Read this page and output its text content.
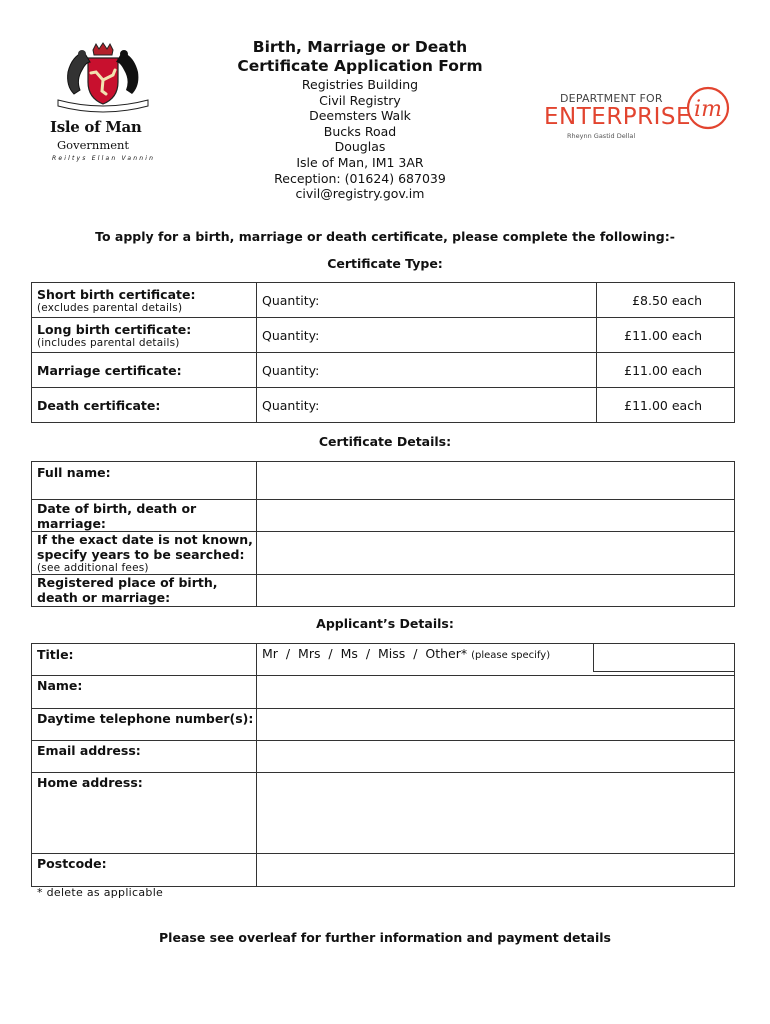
Isle of Man
Government
Reiltys Ellan Vannin
Birth, Marriage or Death
Certificate Application Form
Registries Building
Civil Registry
Deemsters Walk
Bucks Road
Douglas
Isle of Man, IM1 3AR
Reception: (01624) 687039
civil@registry.gov.im
DEPARTMENT FOR
ENTERPRISE
Rheynn Gastid Dellal
im
To apply for a birth, marriage or death certificate, please complete the following:-
Certificate Type:
Short birth certificate:
(excludes parental details)	Quantity:	£8.50 each

Long birth certificate:
(includes parental details)	Quantity:	£11.00 each

Marriage certificate:	Quantity:	£11.00 each

Death certificate:	Quantity:	£11.00 each
Certificate Details:
Full name:	

Date of birth, death or marriage:	

If the exact date is not known, specify years to be searched:
(see additional fees)	

Registered place of birth, death or marriage:	

Applicant’s Details:
Title:	Mr  /  Mrs  /  Ms  /  Miss  /  Other* (please specify)

Name:	

Daytime telephone number(s):	

Email address:	

Home address:	

Postcode:	

* delete as applicable
Please see overleaf for further information and payment details
